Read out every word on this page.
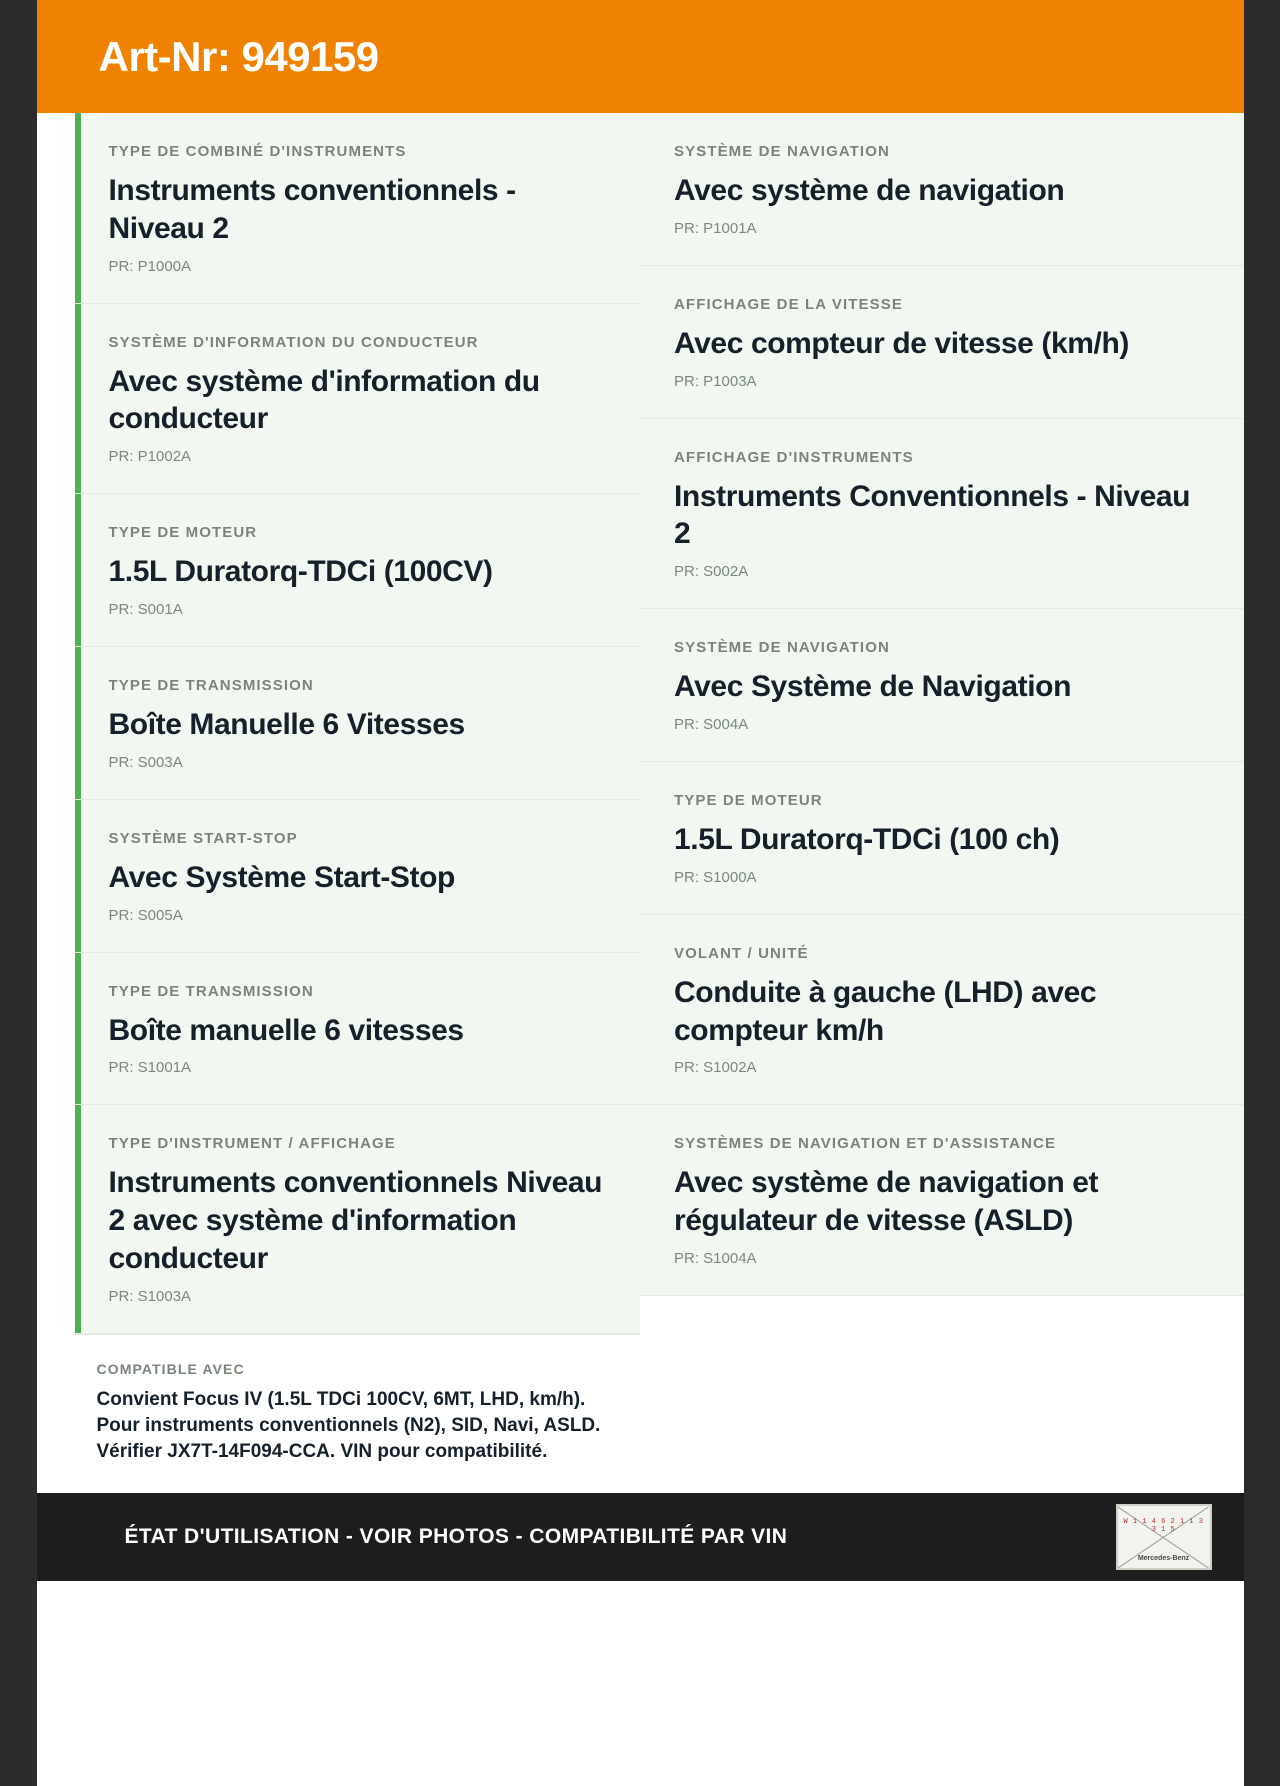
Art-Nr: 949159
TYPE DE COMBINÉ D'INSTRUMENTS
Instruments conventionnels - Niveau 2
PR: P1000A
SYSTÈME D'INFORMATION DU CONDUCTEUR
Avec système d'information du conducteur
PR: P1002A
TYPE DE MOTEUR
1.5L Duratorq-TDCi (100CV)
PR: S001A
TYPE DE TRANSMISSION
Boîte Manuelle 6 Vitesses
PR: S003A
SYSTÈME START-STOP
Avec Système Start-Stop
PR: S005A
TYPE DE TRANSMISSION
Boîte manuelle 6 vitesses
PR: S1001A
TYPE D'INSTRUMENT / AFFICHAGE
Instruments conventionnels Niveau 2 avec système d'information conducteur
PR: S1003A
COMPATIBLE AVEC
Convient Focus IV (1.5L TDCi 100CV, 6MT, LHD, km/h).
Pour instruments conventionnels (N2), SID, Navi, ASLD.
Vérifier JX7T-14F094-CCA. VIN pour compatibilité.
SYSTÈME DE NAVIGATION
Avec système de navigation
PR: P1001A
AFFICHAGE DE LA VITESSE
Avec compteur de vitesse (km/h)
PR: P1003A
AFFICHAGE D'INSTRUMENTS
Instruments Conventionnels - Niveau 2
PR: S002A
SYSTÈME DE NAVIGATION
Avec Système de Navigation
PR: S004A
TYPE DE MOTEUR
1.5L Duratorq-TDCi (100 ch)
PR: S1000A
VOLANT / UNITÉ
Conduite à gauche (LHD) avec compteur km/h
PR: S1002A
SYSTÈMES DE NAVIGATION ET D'ASSISTANCE
Avec système de navigation et régulateur de vitesse (ASLD)
PR: S1004A
ÉTAT D'UTILISATION - VOIR PHOTOS - COMPATIBILITÉ PAR VIN
W 1 1 4 6 2 1 1 3 3 1 5
Mercedes-Benz
